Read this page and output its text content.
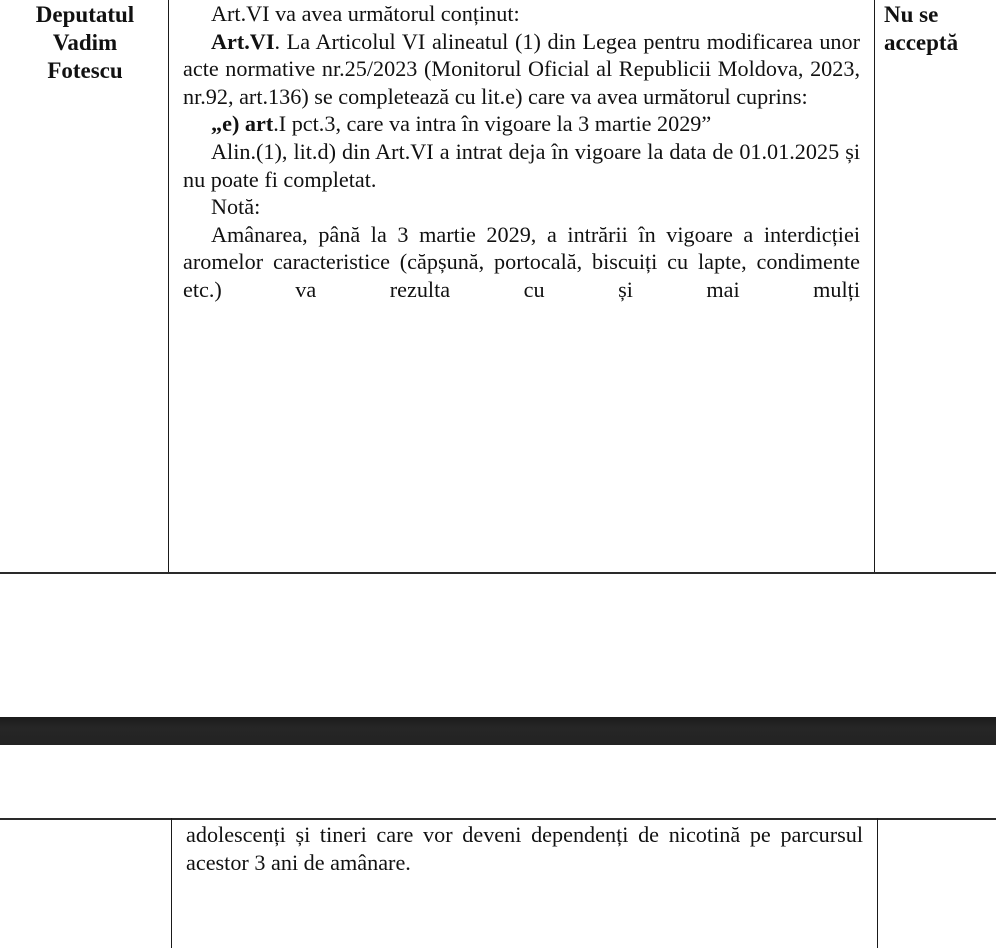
Deputatul
Vadim
Fotescu

Art.VI va avea următorul conținut:

Art.VI. La Articolul VI alineatul (1) din Legea pentru modificarea unor acte normative nr.25/2023 (Monitorul Oficial al Republicii Moldova, 2023, nr.92, art.136) se completează cu lit.e) care va avea următorul cuprins:

„e) art.I pct.3, care va intra în vigoare la 3 martie 2029”

Alin.(1), lit.d) din Art.VI a intrat deja în vigoare la data de 01.01.2025 și nu poate fi completat.

Notă:

Amânarea, până la 3 martie 2029, a intrării în vigoare a interdicției aromelor caracteristice (căpșună, portocală, biscuiți cu lapte, condimente etc.) va rezulta cu și mai mulți

Nu se
acceptă

adolescenți și tineri care vor deveni dependenți de nicotină pe parcursul acestor 3 ani de amânare.
